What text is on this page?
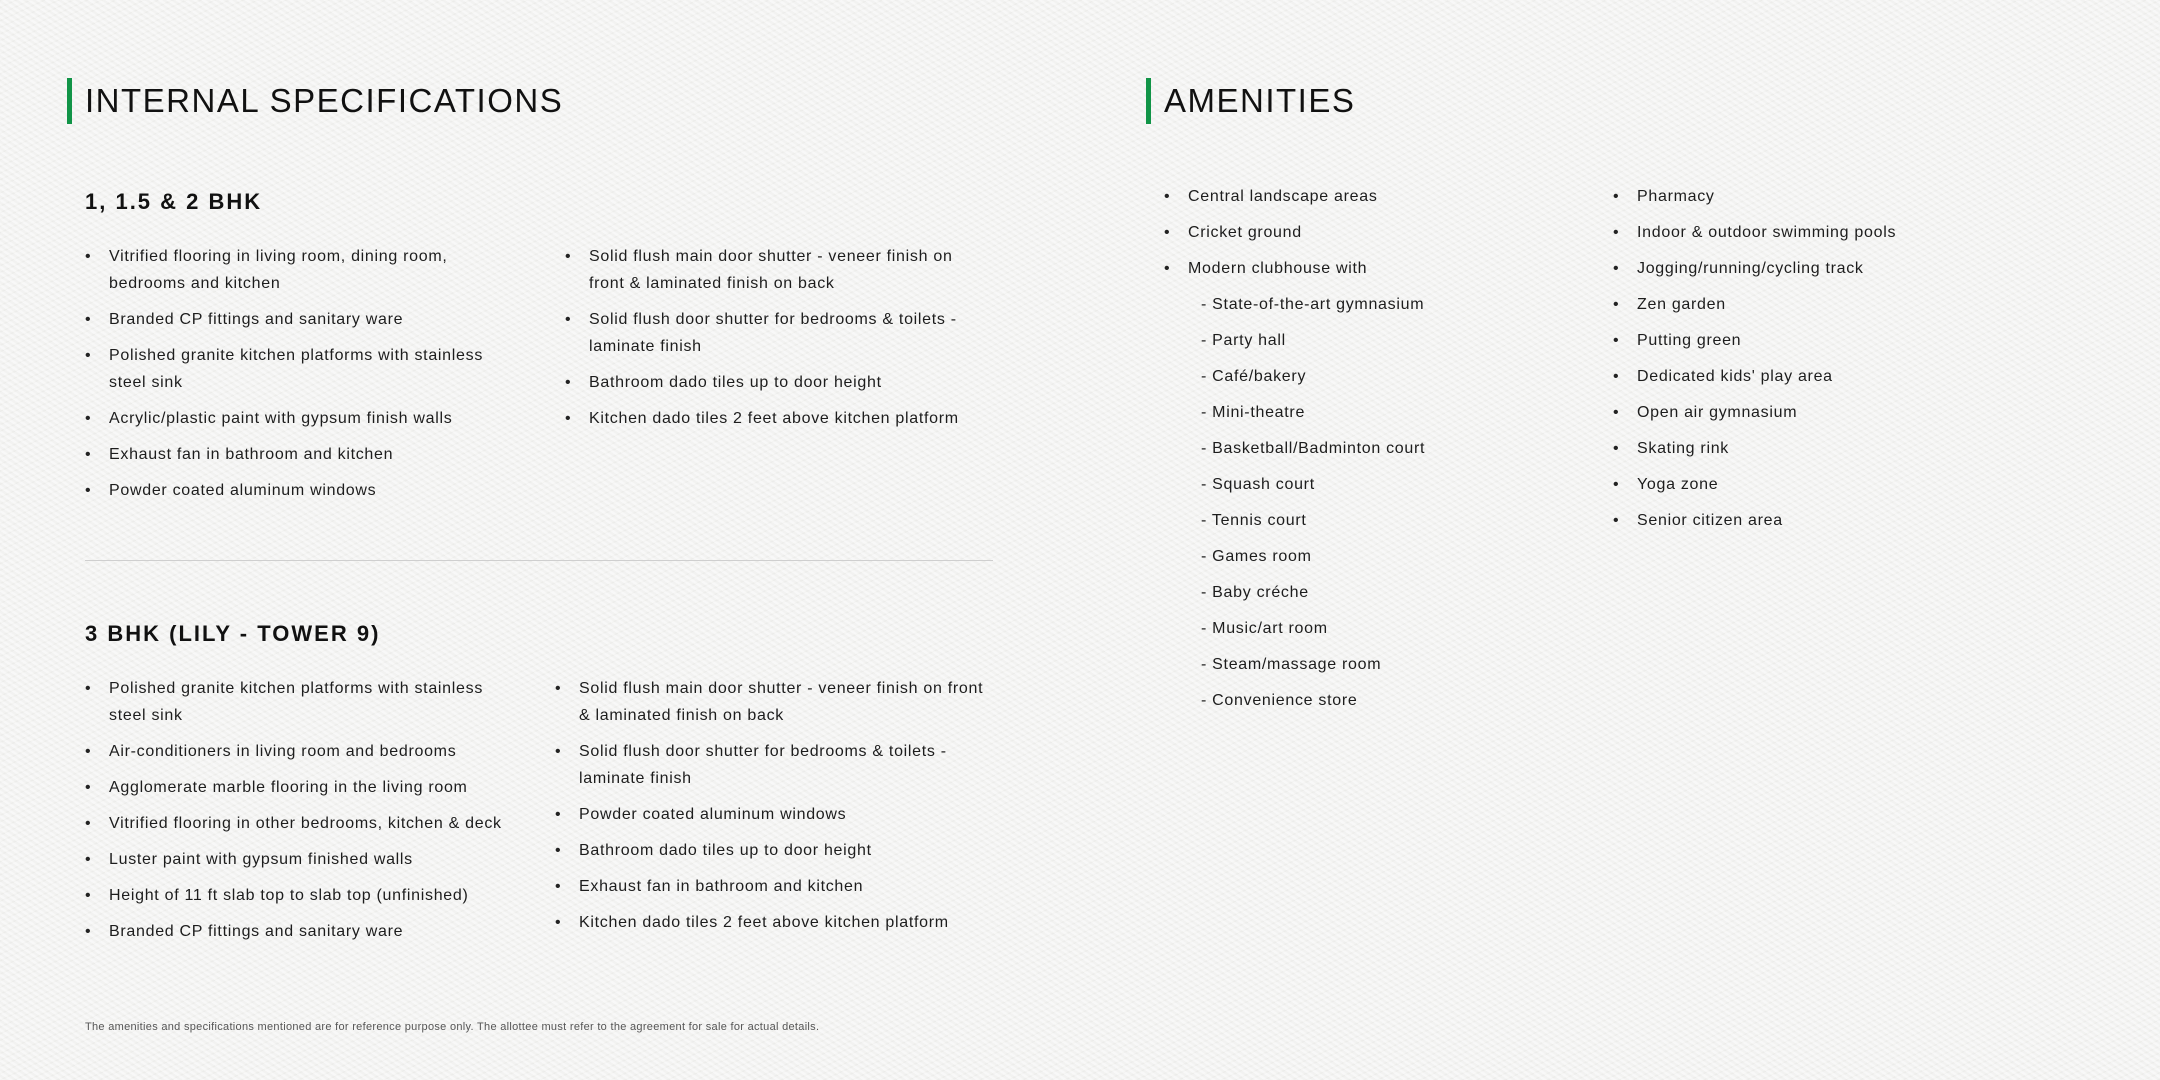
INTERNAL SPECIFICATIONS
1, 1.5 & 2 BHK
• Vitrified flooring in living room, dining room, bedrooms and kitchen
• Branded CP fittings and sanitary ware
• Polished granite kitchen platforms with stainless steel sink
• Acrylic/plastic paint with gypsum finish walls
• Exhaust fan in bathroom and kitchen
• Powder coated aluminum windows
• Solid flush main door shutter - veneer finish on front & laminated finish on back
• Solid flush door shutter for bedrooms & toilets - laminate finish
• Bathroom dado tiles up to door height
• Kitchen dado tiles 2 feet above kitchen platform
3 BHK (LILY - TOWER 9)
• Polished granite kitchen platforms with stainless steel sink
• Air-conditioners in living room and bedrooms
• Agglomerate marble flooring in the living room
• Vitrified flooring in other bedrooms, kitchen & deck
• Luster paint with gypsum finished walls
• Height of 11 ft slab top to slab top (unfinished)
• Branded CP fittings and sanitary ware
• Solid flush main door shutter - veneer finish on front & laminated finish on back
• Solid flush door shutter for bedrooms & toilets - laminate finish
• Powder coated aluminum windows
• Bathroom dado tiles up to door height
• Exhaust fan in bathroom and kitchen
• Kitchen dado tiles 2 feet above kitchen platform
AMENITIES
• Central landscape areas
• Cricket ground
• Modern clubhouse with
- State-of-the-art gymnasium
- Party hall
- Café/bakery
- Mini-theatre
- Basketball/Badminton court
- Squash court
- Tennis court
- Games room
- Baby créche
- Music/art room
- Steam/massage room
- Convenience store
• Pharmacy
• Indoor & outdoor swimming pools
• Jogging/running/cycling track
• Zen garden
• Putting green
• Dedicated kids' play area
• Open air gymnasium
• Skating rink
• Yoga zone
• Senior citizen area
The amenities and specifications mentioned are for reference purpose only. The allottee must refer to the agreement for sale for actual details.
